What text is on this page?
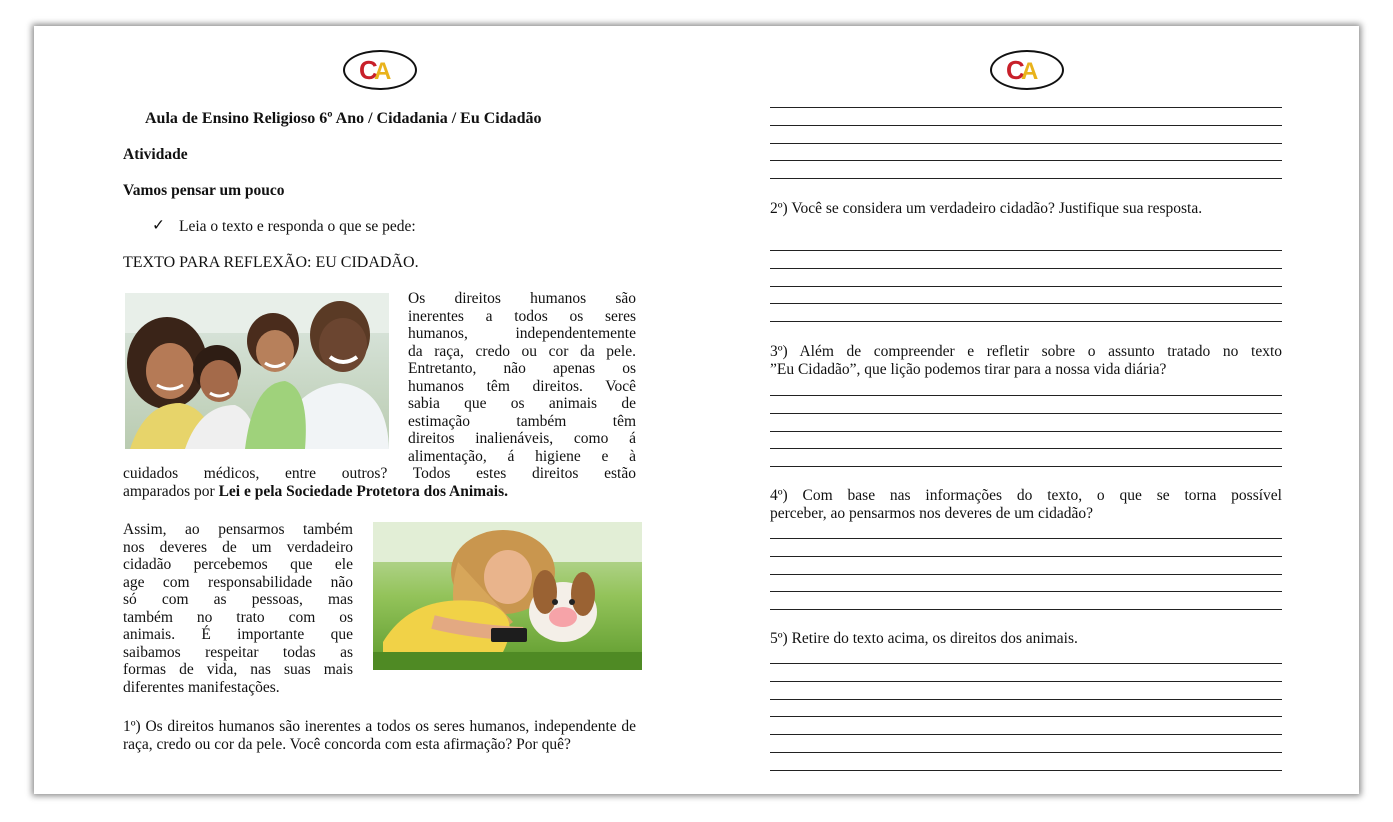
C
A
Aula de Ensino Religioso 6º Ano / Cidadania / Eu Cidadão
Atividade
Vamos pensar um pouco
✓ Leia o texto e responda o que se pede:
TEXTO PARA REFLEXÃO: EU CIDADÃO.
Os direitos humanos são
inerentes a todos os seres
humanos, independentemente
da raça, credo ou cor da pele.
Entretanto, não apenas os
humanos têm direitos. Você
sabia que os animais de
estimação também têm
direitos inalienáveis, como á
alimentação, á higiene e à
cuidados médicos, entre outros? Todos estes direitos estão
amparados por Lei e pela Sociedade Protetora dos Animais.
Assim, ao pensarmos também
nos deveres de um verdadeiro
cidadão percebemos que ele
age com responsabilidade não
só com as pessoas, mas
também no trato com os
animais. É importante que
saibamos respeitar todas as
formas de vida, nas suas mais
diferentes manifestações.
1º) Os direitos humanos são inerentes a todos os seres humanos, independente de raça, credo ou cor da pele. Você concorda com esta afirmação? Por quê?
C
A
2º) Você se considera um verdadeiro cidadão? Justifique sua resposta.
3º) Além de compreender e refletir sobre o assunto tratado no texto
”Eu Cidadão”, que lição podemos tirar para a nossa vida diária?
4º) Com base nas informações do texto, o que se torna possível
perceber, ao pensarmos nos deveres de um cidadão?
5º) Retire do texto acima, os direitos dos animais.
